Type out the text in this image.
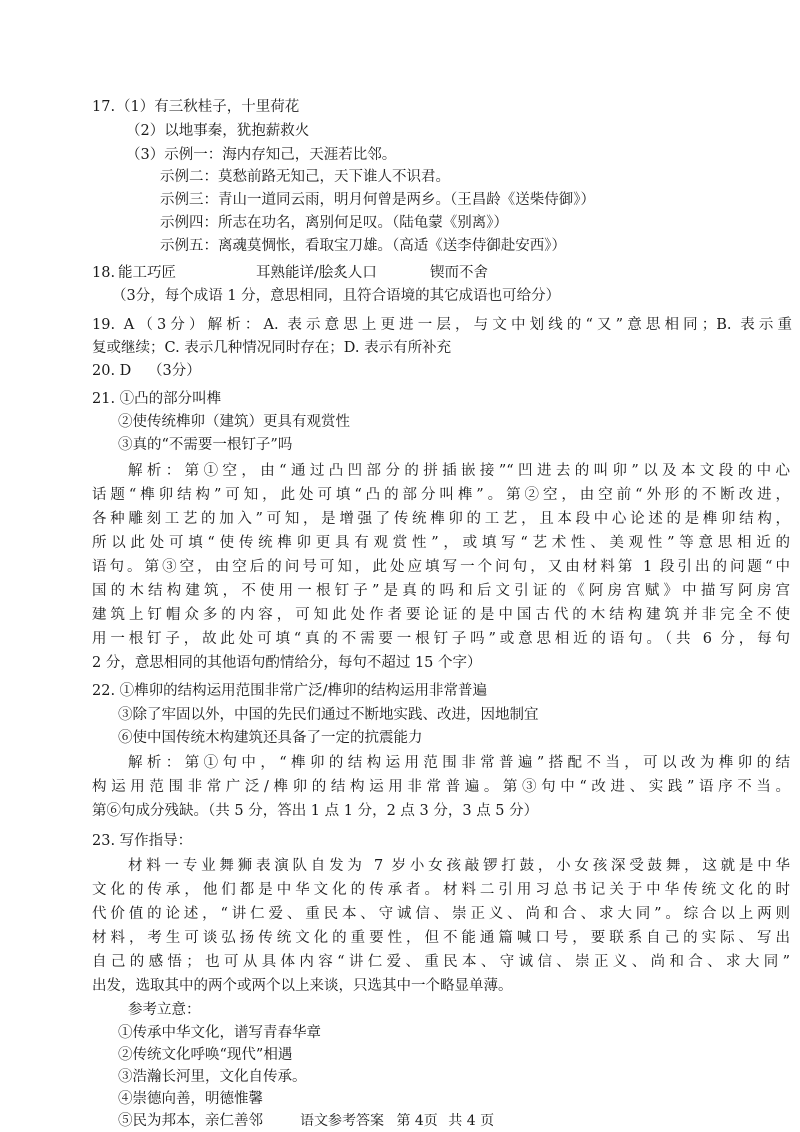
17. （1）有三秋桂子，十里荷花
（2）以地事秦，犹抱薪救火
（3）示例一：海内存知己，天涯若比邻。
示例二：莫愁前路无知己，天下谁人不识君。
示例三：青山一道同云雨，明月何曾是两乡。（王昌龄《送柴侍御》）
示例四：所志在功名，离别何足叹。（陆龟蒙《别离》）
示例五：离魂莫惆怅，看取宝刀雄。（高适《送李侍御赴安西》）
18. 能工巧匠	耳熟能详/脍炙人口	锲而不舍
（3分，每个成语 1 分，意思相同，且符合语境的其它成语也可给分）
19. A（3分）解析：A. 表示意思上更进一层，与文中划线的“又”意思相同；B. 表示重
复或继续；C. 表示几种情况同时存在；D. 表示有所补充
20. D	（3分）
21. ①凸的部分叫榫
②使传统榫卯（建筑）更具有观赏性
③真的“不需要一根钉子”吗
解析：第①空，由“通过凸凹部分的拼插嵌接”“凹进去的叫卯”以及本文段的中心
话题“榫卯结构”可知，此处可填“凸的部分叫榫”。第②空，由空前“外形的不断改进，
各种雕刻工艺的加入”可知，是增强了传统榫卯的工艺，且本段中心论述的是榫卯结构，
所以此处可填“使传统榫卯更具有观赏性”，或填写“艺术性、美观性”等意思相近的
语句。第③空，由空后的问号可知，此处应填写一个问句，又由材料第 1 段引出的问题“中
国的木结构建筑，不使用一根钉子”是真的吗和后文引证的《阿房宫赋》中描写阿房宫
建筑上钉帽众多的内容，可知此处作者要论证的是中国古代的木结构建筑并非完全不使
用一根钉子，故此处可填“真的不需要一根钉子吗”或意思相近的语句。（共 6 分，每句
2 分，意思相同的其他语句酌情给分，每句不超过 15 个字）
22. ①榫卯的结构运用范围非常广泛/榫卯的结构运用非常普遍
③除了牢固以外，中国的先民们通过不断地实践、改进，因地制宜
⑥使中国传统木构建筑还具备了一定的抗震能力
解析：第①句中，“榫卯的结构运用范围非常普遍”搭配不当，可以改为榫卯的结
构运用范围非常广泛/榫卯的结构运用非常普遍。第③句中“改进、实践”语序不当。
第⑥句成分残缺。（共 5 分，答出 1 点 1 分，2 点 3 分，3 点 5 分）
23. 写作指导：
材料一专业舞狮表演队自发为 7 岁小女孩敲锣打鼓，小女孩深受鼓舞，这就是中华
文化的传承，他们都是中华文化的传承者。材料二引用习总书记关于中华传统文化的时
代价值的论述，“讲仁爱、重民本、守诚信、崇正义、尚和合、求大同”。综合以上两则
材料，考生可谈弘扬传统文化的重要性，但不能通篇喊口号，要联系自己的实际、写出
自己的感悟；也可从具体内容“讲仁爱、重民本、守诚信、崇正义、尚和合、求大同”
出发，选取其中的两个或两个以上来谈，只选其中一个略显单薄。
参考立意：
①传承中华文化，谱写青春华章
②传统文化呼唤“现代”相遇
③浩瀚长河里，文化自传承。
④崇德向善，明德惟馨
⑤民为邦本，亲仁善邻	语文参考答案 第 4页 共 4 页
